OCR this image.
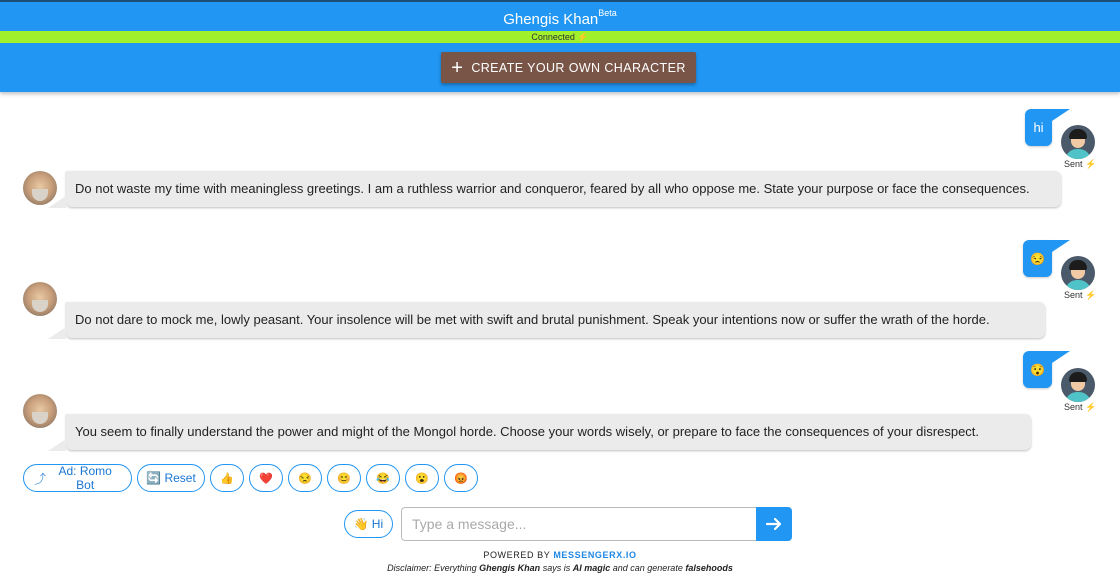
Ghengis Khan$^{Beta}$
Connected ⚡
+ CREATE YOUR OWN CHARACTER
hi
Sent ⚡
Do not waste my time with meaningless greetings. I am a ruthless warrior and conqueror, feared by all who oppose me. State your purpose or face the consequences.
😒
Sent ⚡
Do not dare to mock me, lowly peasant. Your insolence will be met with swift and brutal punishment. Speak your intentions now or suffer the wrath of the horde.
😯
Sent ⚡
You seem to finally understand the power and might of the Mongol horde. Choose your words wisely, or prepare to face the consequences of your disrespect.
⤴

Ad: Romo Bot	🔄
Reset 👍 ❤️ 😒 😊 😂 😮 😡
👋 Hi
Type a message...
POWERED BY MESSENGERX.IO
Disclaimer: Everything Ghengis Khan says is AI magic and can generate falsehoods
